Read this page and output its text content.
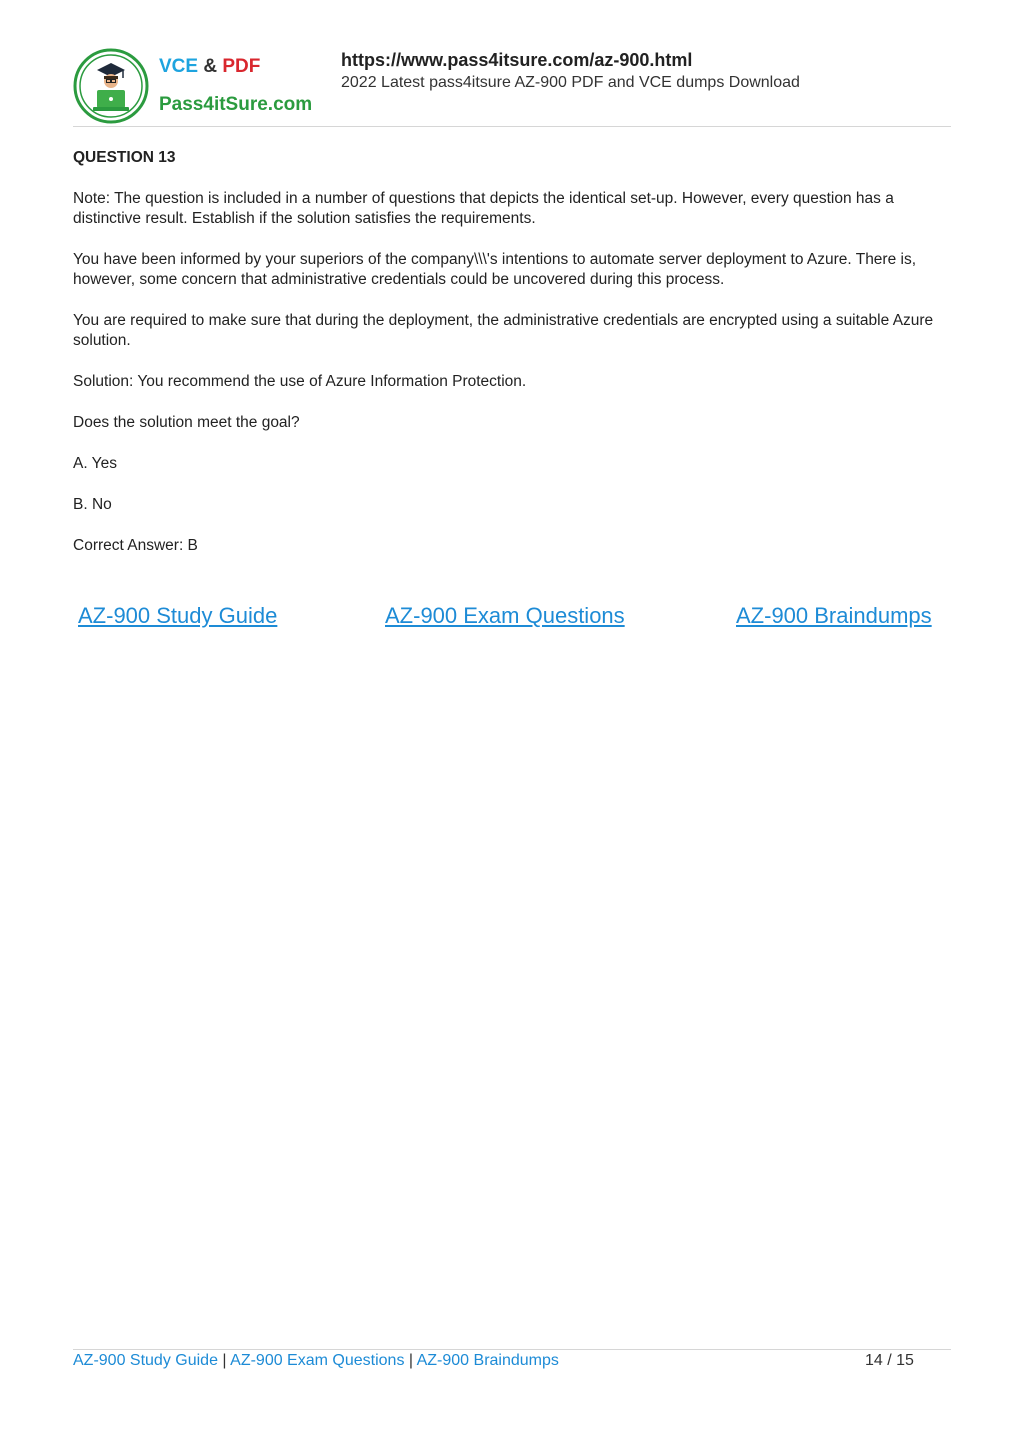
VCE & PDF
Pass4itSure.com
https://www.pass4itsure.com/az-900.html
2022 Latest pass4itsure AZ-900 PDF and VCE dumps Download

QUESTION 13

Note: The question is included in a number of questions that depicts the identical set-up. However, every question has a distinctive result. Establish if the solution satisfies the requirements.

You have been informed by your superiors of the company\\\'s intentions to automate server deployment to Azure. There is, however, some concern that administrative credentials could be uncovered during this process.

You are required to make sure that during the deployment, the administrative credentials are encrypted using a suitable Azure solution.

Solution: You recommend the use of Azure Information Protection.

Does the solution meet the goal?

A. Yes

B. No

Correct Answer: B

AZ-900 Study Guide	AZ-900 Exam Questions	AZ-900 Braindumps
AZ-900 Study Guide | AZ-900 Exam Questions | AZ-900 Braindumps	14 / 15
